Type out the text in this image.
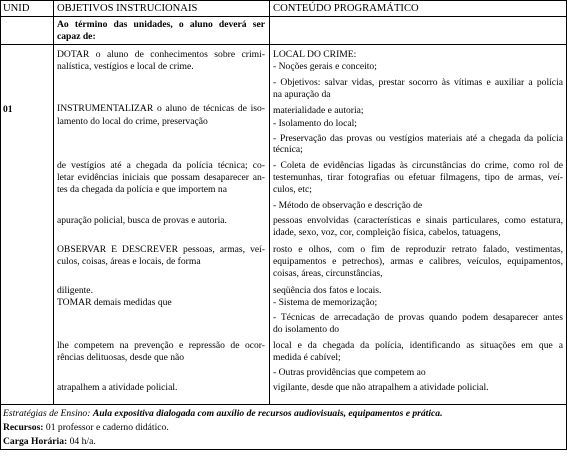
UNID	OBJETIVOS INSTRUCIONAIS	CONTEÚDO PROGRAMÁTICO
Ao término das unidades, o aluno deverá ser
capaz de:
01
DOTAR o aluno de conhecimentos sobre crimi-
nalística, vestígios e local de crime.
INSTRUMENTALIZAR o aluno de técnicas de iso-
lamento do local do crime, preservação
de vestígios até a chegada da polícia técnica; co-
letar evidências iniciais que possam desaparecer an-
tes da chegada da polícia e que importem na
apuração policial, busca de provas e autoria.
OBSERVAR E DESCREVER pessoas, armas, veí-
culos, coisas, áreas e locais, de forma
diligente.
TOMAR demais medidas que
lhe competem na prevenção e repressão de ocor-
rências delituosas, desde que não
atrapalhem a atividade policial.
LOCAL DO CRIME:
- Noções gerais e conceito;
- Objetivos: salvar vidas, prestar socorro às vítimas e auxiliar a polícia
na apuração da
materialidade e autoria;
- Isolamento do local;
- Preservação das provas ou vestígios materiais até a chegada da polícia
técnica;
- Coleta de evidências ligadas às circunstâncias do crime, como rol de
testemunhas, tirar fotografias ou efetuar filmagens, tipo de armas, veí-
culos, etc;
- Método de observação e descrição de
pessoas envolvidas (características e sinais particulares, como estatura,
idade, sexo, voz, cor, compleição física, cabelos, tatuagens,
rosto e olhos, com o fim de reproduzir retrato falado, vestimentas,
equipamentos e petrechos), armas e calibres, veículos, equipamentos,
coisas, áreas, circunstâncias,
seqüência dos fatos e locais.
- Sistema de memorização;
- Técnicas de arrecadação de provas quando podem desaparecer antes
do isolamento do
local e da chegada da polícia, identificando as situações em que a
medida é cabível;
- Outras providências que competem ao
vigilante, desde que não atrapalhem a atividade policial.
Estratégias de Ensino: Aula expositiva dialogada com auxílio de recursos audiovisuais, equipamentos e prática.
Recursos: 01 professor e caderno didático.
Carga Horária: 04 h/a.
